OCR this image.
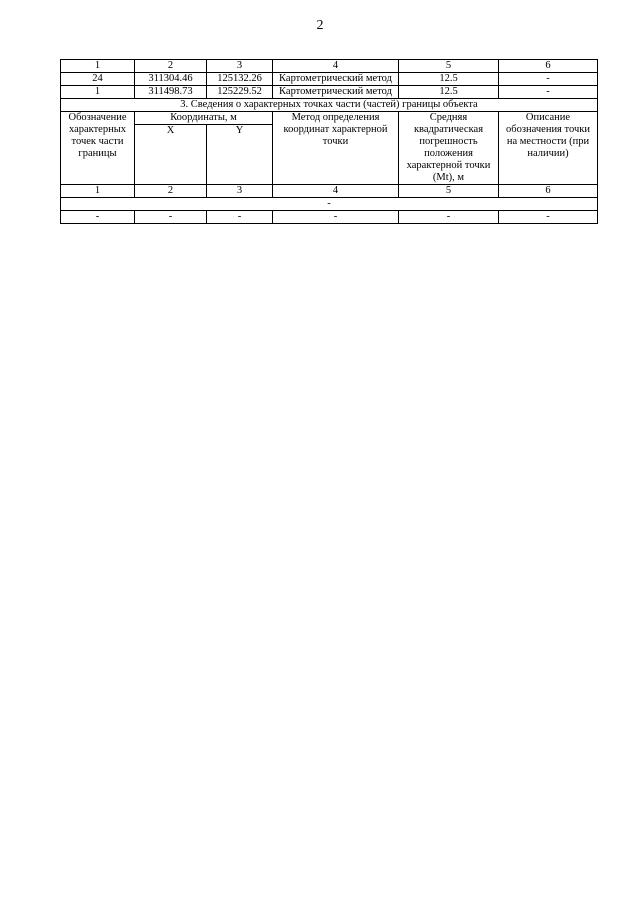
2
1	2	3	4	5	6
24	311304.46	125132.26	Картометрический метод	12.5	-
1	311498.73	125229.52	Картометрический метод	12.5	-
3. Сведения о характерных точках части (частей) границы объекта					
Обозначение характерных точек части границы	Координаты, м		Метод определения координат характерной точки	Средняя квадратическая погрешность положения характерной точки (Mt), м	Описание обозначения точки на местности (при наличии)
	X	Y			
1	2	3	4	5	6
-					
-	-	-	-	-	-
